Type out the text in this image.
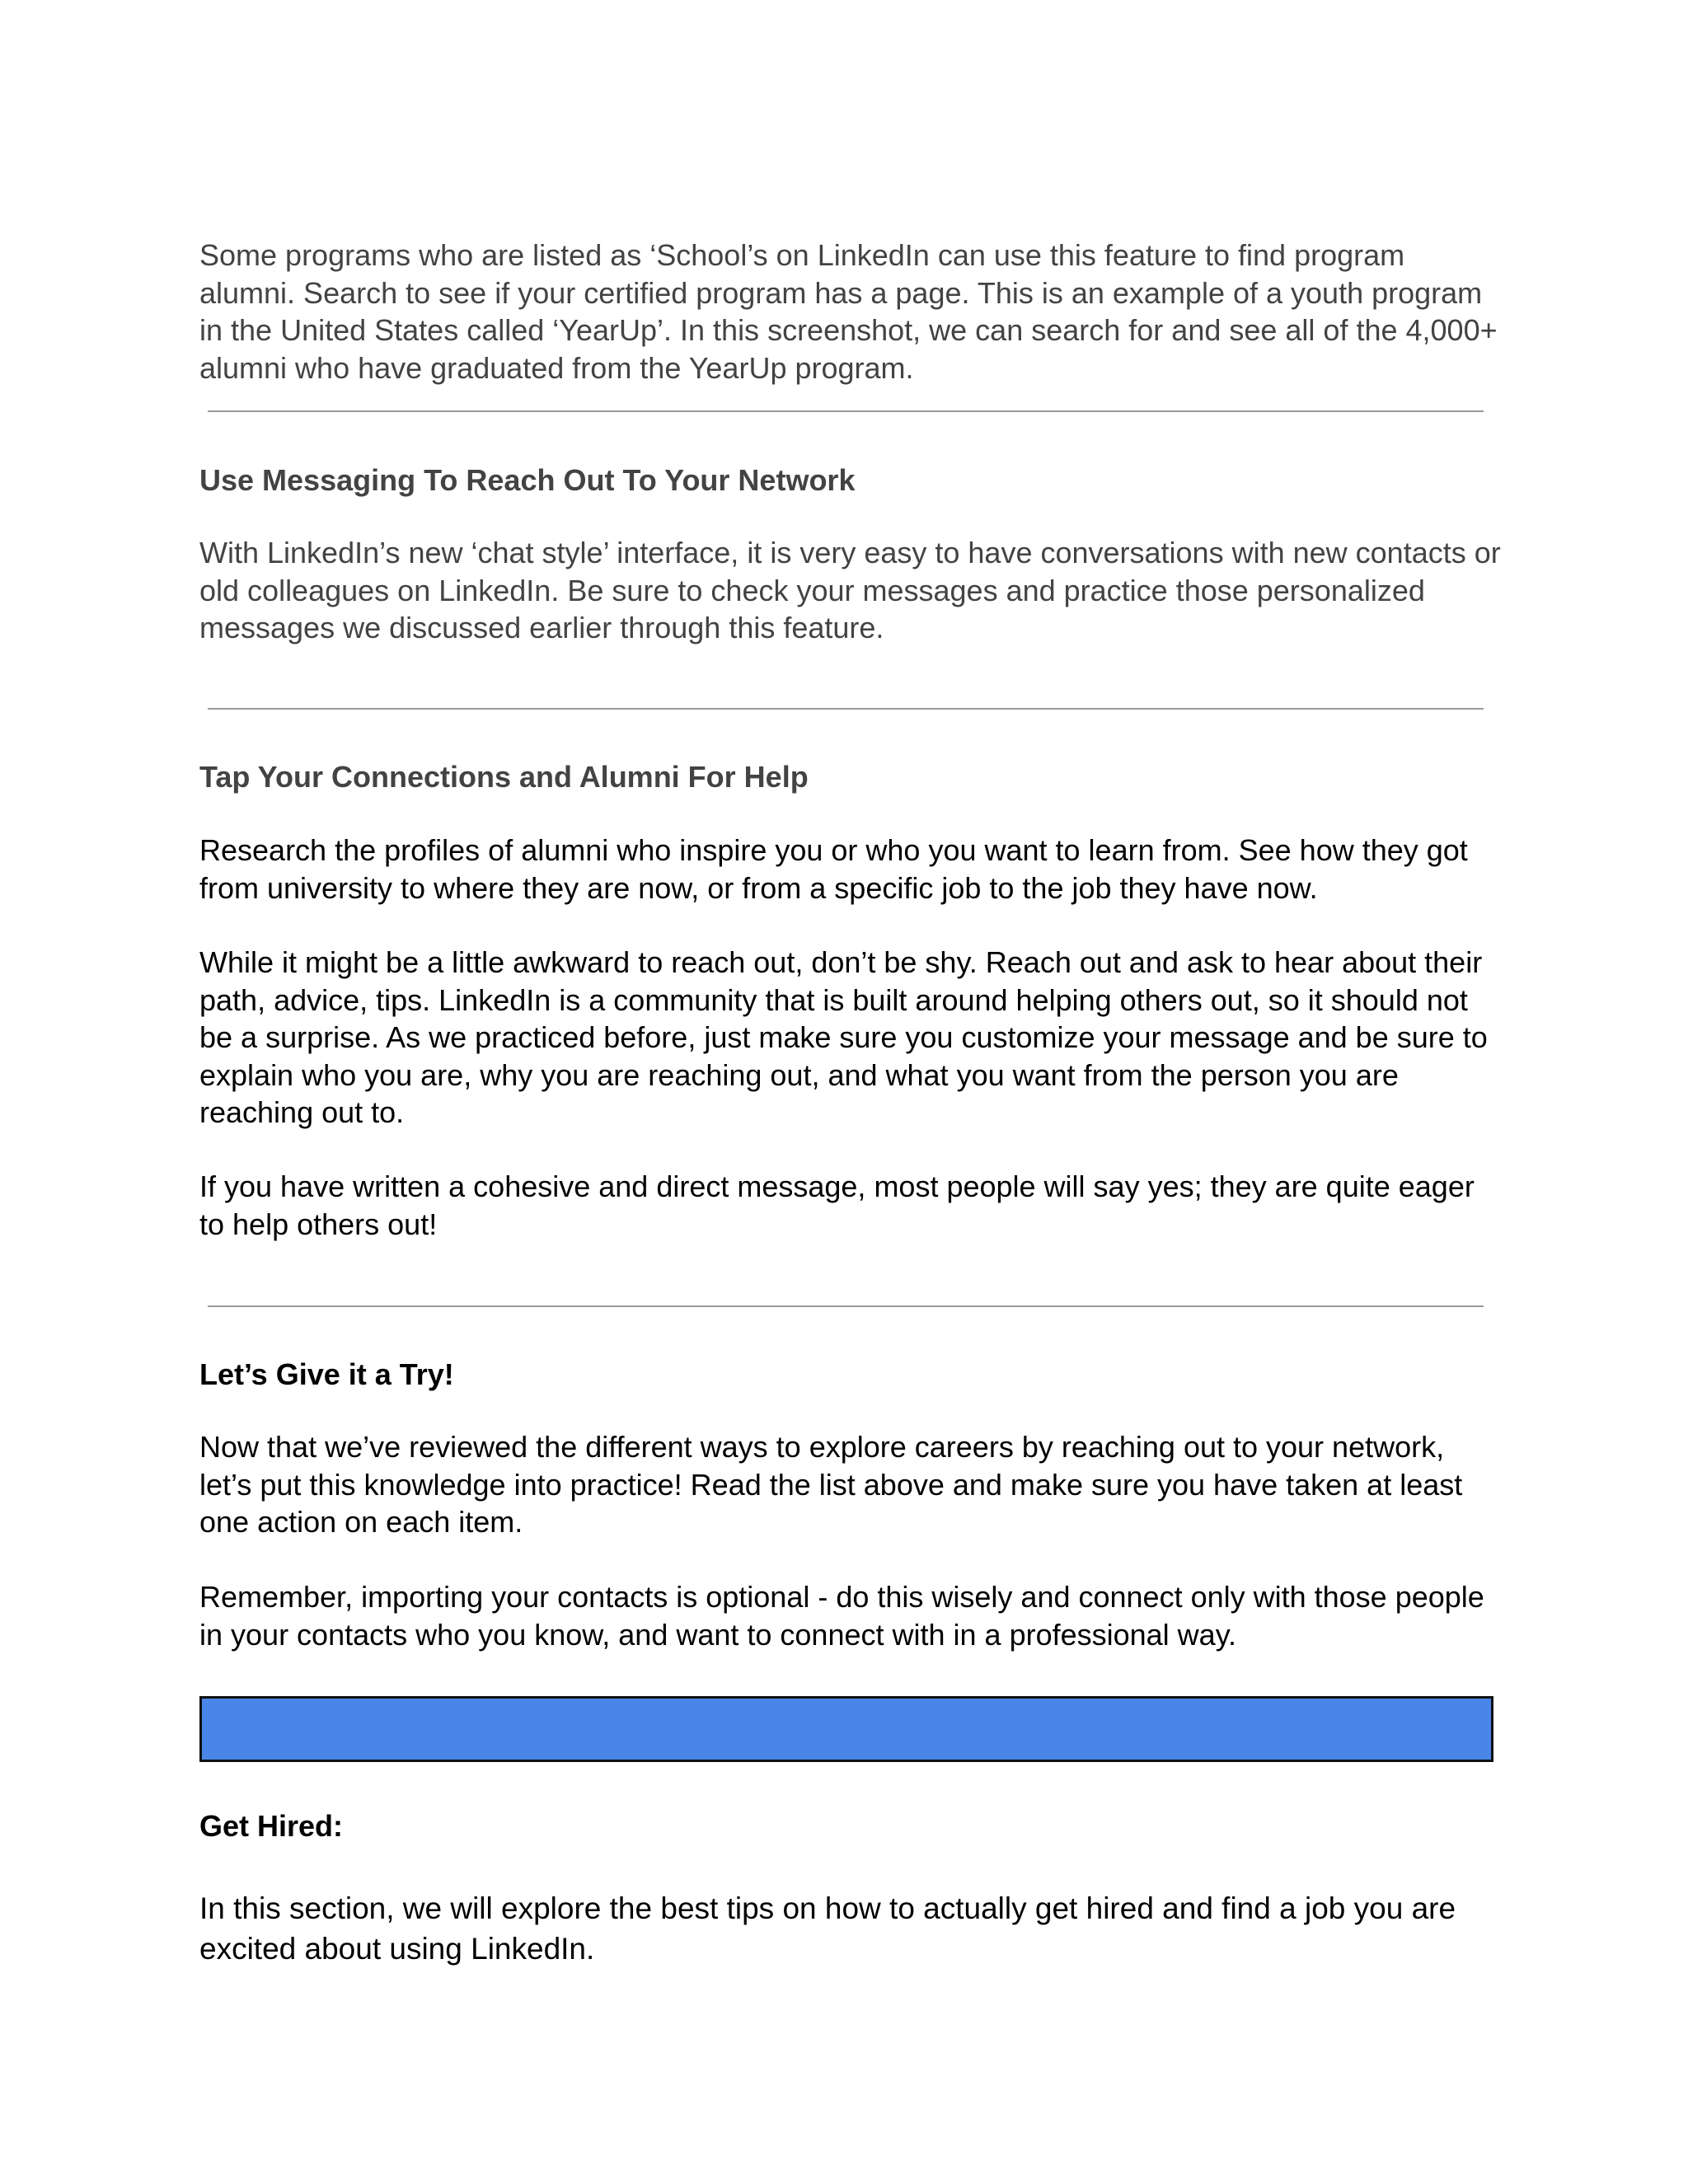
Some programs who are listed as ‘School’s on LinkedIn can use this feature to find program alumni. Search to see if your certified program has a page. This is an example of a youth program in the United States called ‘YearUp’. In this screenshot, we can search for and see all of the 4,000+ alumni who have graduated from the YearUp program.

Use Messaging To Reach Out To Your Network

With LinkedIn’s new ‘chat style’ interface, it is very easy to have conversations with new contacts or old colleagues on LinkedIn. Be sure to check your messages and practice those personalized messages we discussed earlier through this feature.

Tap Your Connections and Alumni For Help

Research the profiles of alumni who inspire you or who you want to learn from. See how they got from university to where they are now, or from a specific job to the job they have now.

While it might be a little awkward to reach out, don’t be shy. Reach out and ask to hear about their path, advice, tips. LinkedIn is a community that is built around helping others out, so it should not be a surprise. As we practiced before, just make sure you customize your message and be sure to explain who you are, why you are reaching out, and what you want from the person you are reaching out to.

If you have written a cohesive and direct message, most people will say yes; they are quite eager to help others out!

Let’s Give it a Try!

Now that we’ve reviewed the different ways to explore careers by reaching out to your network, let’s put this knowledge into practice! Read the list above and make sure you have taken at least one action on each item.

Remember, importing your contacts is optional - do this wisely and connect only with those people in your contacts who you know, and want to connect with in a professional way.

Get Hired:

In this section, we will explore the best tips on how to actually get hired and find a job you are excited about using LinkedIn.
